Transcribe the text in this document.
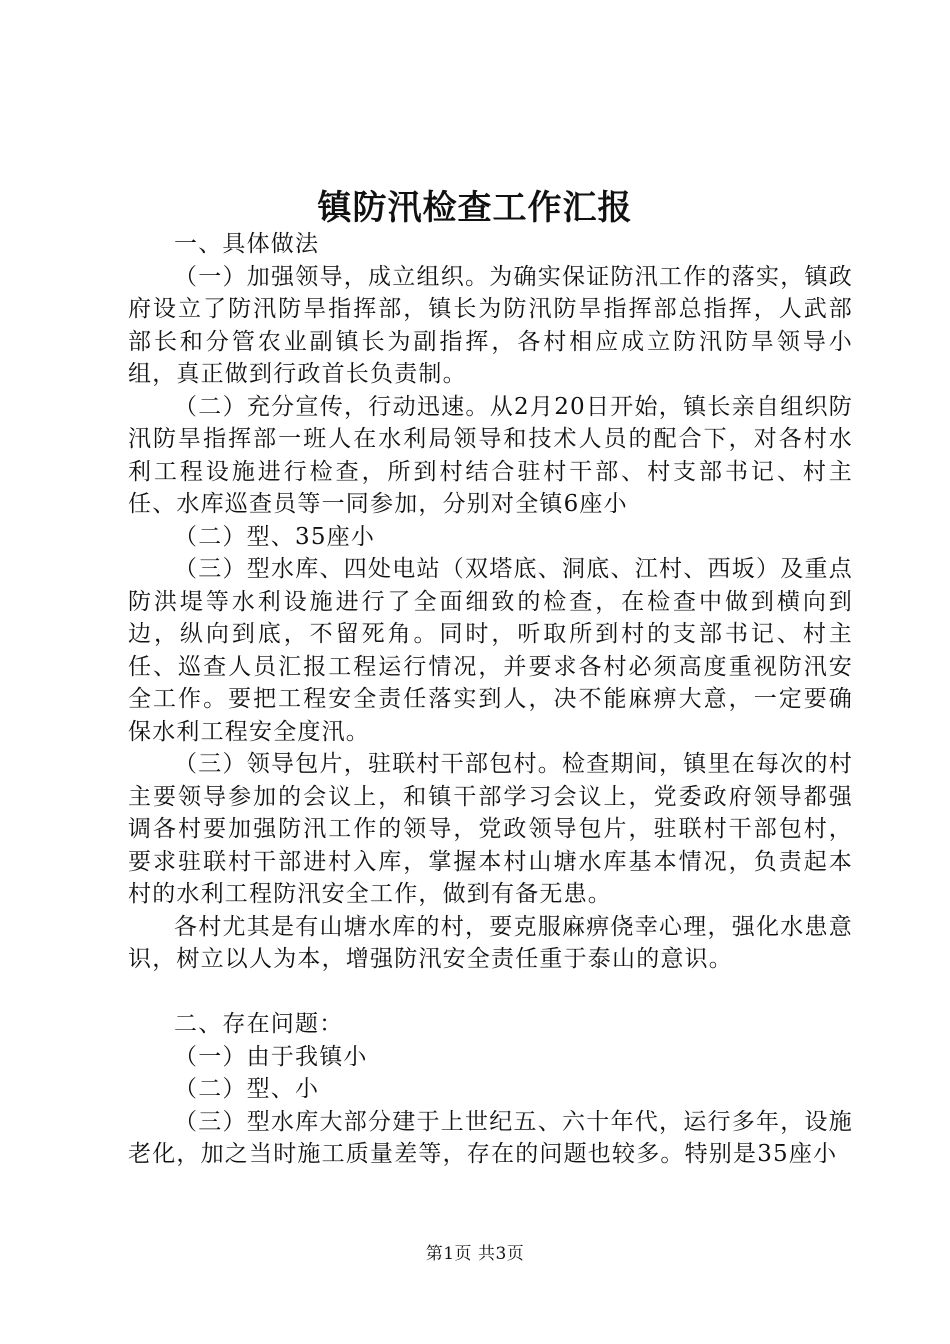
镇防汛检查工作汇报

一、具体做法

（一）加强领导，成立组织。为确实保证防汛工作的落实，镇政府设立了防汛防旱指挥部，镇长为防汛防旱指挥部总指挥，人武部部长和分管农业副镇长为副指挥，各村相应成立防汛防旱领导小组，真正做到行政首长负责制。

（二）充分宣传，行动迅速。从2月20日开始，镇长亲自组织防汛防旱指挥部一班人在水利局领导和技术人员的配合下，对各村水利工程设施进行检查，所到村结合驻村干部、村支部书记、村主任、水库巡查员等一同参加，分别对全镇6座小

（二）型、35座小

（三）型水库、四处电站（双塔底、洞底、江村、西坂）及重点防洪堤等水利设施进行了全面细致的检查，在检查中做到横向到边，纵向到底，不留死角。同时，听取所到村的支部书记、村主任、巡查人员汇报工程运行情况，并要求各村必须高度重视防汛安全工作。要把工程安全责任落实到人，决不能麻痹大意，一定要确保水利工程安全度汛。

（三）领导包片，驻联村干部包村。检查期间，镇里在每次的村主要领导参加的会议上，和镇干部学习会议上，党委政府领导都强调各村要加强防汛工作的领导，党政领导包片，驻联村干部包村，要求驻联村干部进村入库，掌握本村山塘水库基本情况，负责起本村的水利工程防汛安全工作，做到有备无患。

各村尤其是有山塘水库的村，要克服麻痹侥幸心理，强化水患意识，树立以人为本，增强防汛安全责任重于泰山的意识。

二、存在问题：

（一）由于我镇小

（二）型、小

（三）型水库大部分建于上世纪五、六十年代，运行多年，设施老化，加之当时施工质量差等，存在的问题也较多。特别是35座小

第1页 共3页
